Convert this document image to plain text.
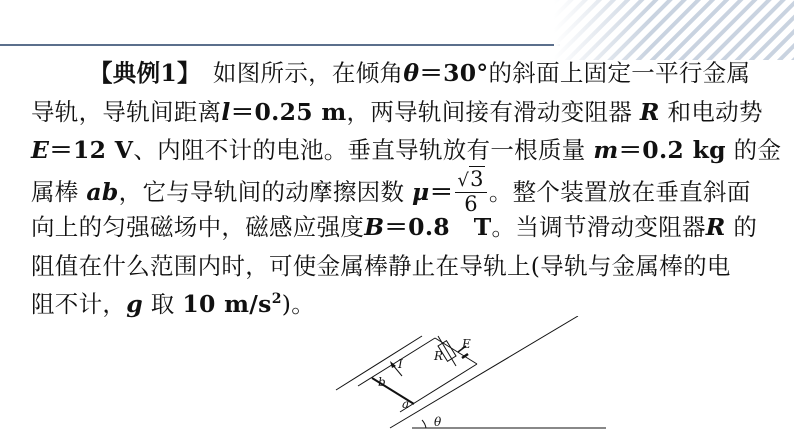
【典例1】　 如图所示，在倾角θ＝30°的斜面上固定一平行金属
导轨，导轨间距离l＝0.25 m，两导轨间接有滑动变阻器 R 和电动势
E＝12 V、内阻不计的电池。垂直导轨放有一根质量 m＝0.2 kg 的金
属棒 ab，它与导轨间的动摩擦因数 $\mu= \frac{√3}{6}$ 。整个装置放在垂直斜面
向上的匀强磁场中，磁感应强度B＝0.8　T。当调节滑动变阻器R 的
阻值在什么范围内时，可使金属棒静止在导轨上(导轨与金属棒的电
阻不计，g 取 10 $m/s^2$)。
R
E
I
b
a
θ
